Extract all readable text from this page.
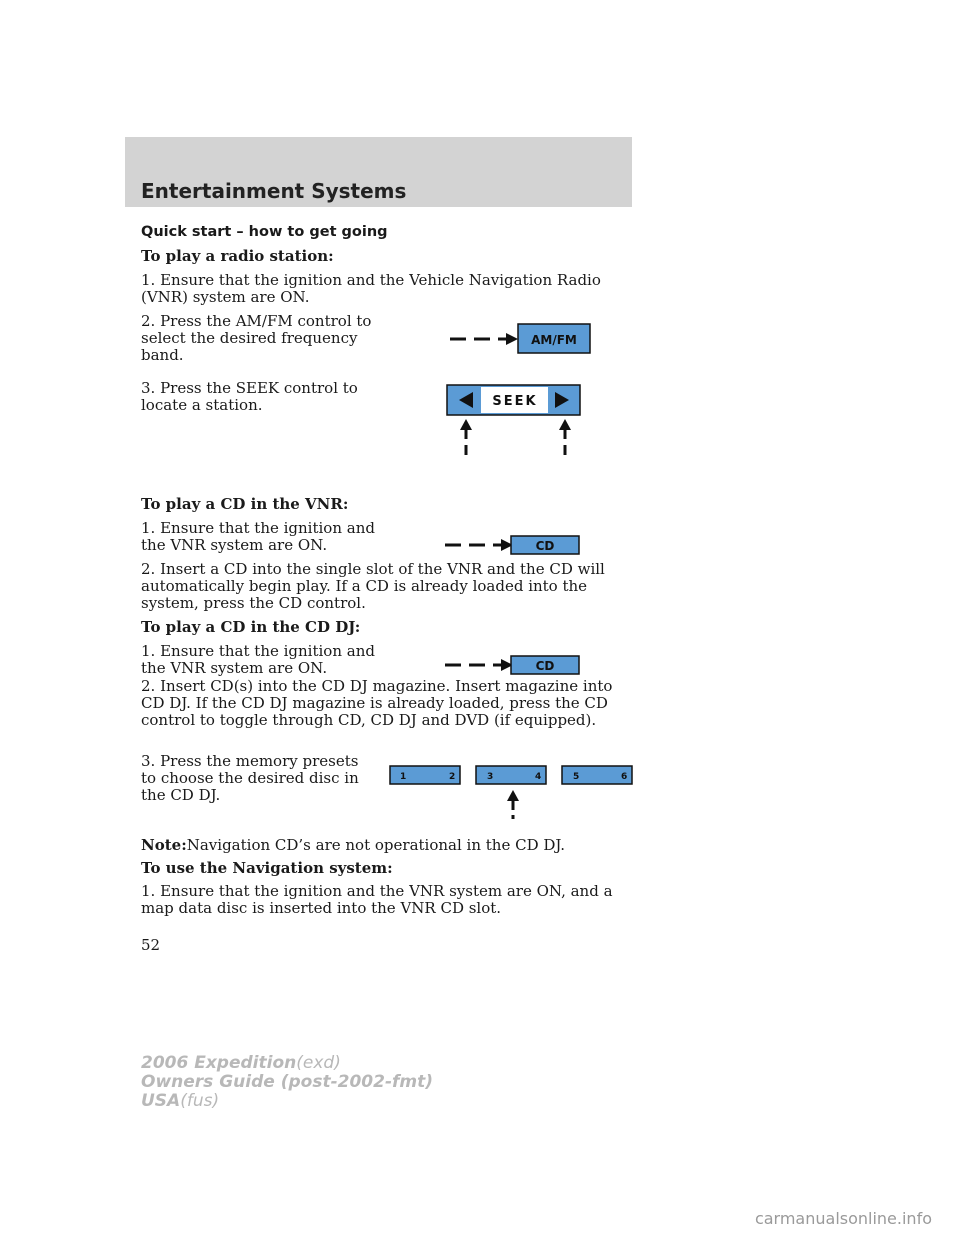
Entertainment Systems

Quick start – how to get going

To play a radio station:

1. Ensure that the ignition and the Vehicle Navigation Radio (VNR) system are ON.

2. Press the AM/FM control to select the desired frequency band.

3. Press the SEEK control to locate a station.

AM/FM
SEEK

To play a CD in the VNR:

1. Ensure that the ignition and the VNR system are ON.

2. Insert a CD into the single slot of the VNR and the CD will automatically begin play. If a CD is already loaded into the system, press the CD control.

CD

To play a CD in the CD DJ:

1. Ensure that the ignition and the VNR system are ON.

2. Insert CD(s) into the CD DJ magazine. Insert magazine into CD DJ. If the CD DJ magazine is already loaded, press the CD control to toggle through CD, CD DJ and DVD (if equipped).

3. Press the memory presets to choose the desired disc in the CD DJ.

CD
1	2	3	4	5	6

Note:Navigation CD’s are not operational in the CD DJ.

To use the Navigation system:

1. Ensure that the ignition and the VNR system are ON, and a map data disc is inserted into the VNR CD slot.

52
2006 Expedition(exd)
Owners Guide (post-2002-fmt)
USA(fus)
carmanualsonline.info
